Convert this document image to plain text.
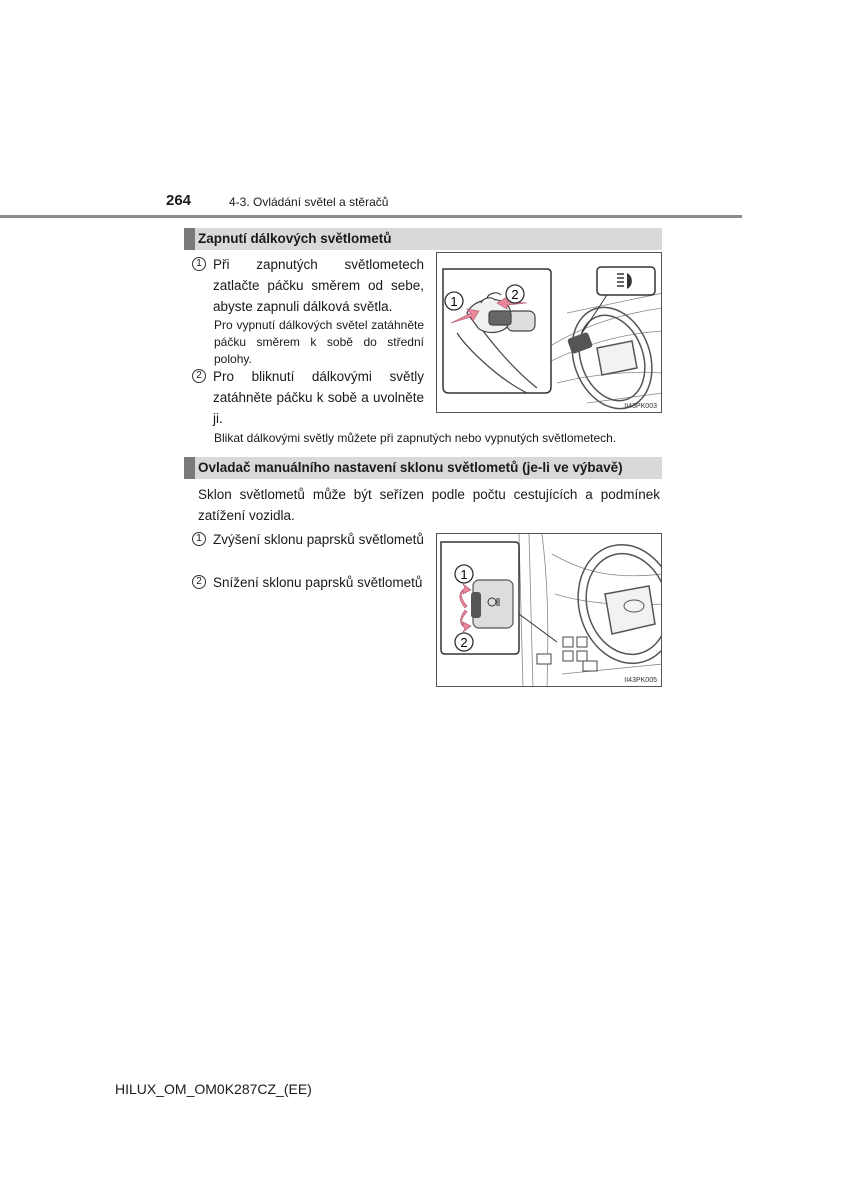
264	4-3. Ovládání světel a stěračů
Zapnutí dálkových světlometů
1 Při zapnutých světlometech zatlačte páčku směrem od sebe, abyste zapnuli dálková světla.
Pro vypnutí dálkových světel zatáhněte páčku směrem k sobě do střední polohy.
2 Pro bliknutí dálkovými světly zatáhněte páčku k sobě a uvolněte ji.
1	2
II43PK003
Blikat dálkovými světly můžete při zapnutých nebo vypnutých světlometech.
Ovladač manuálního nastavení sklonu světlometů (je-li ve výbavě)
Sklon světlometů může být seřízen podle počtu cestujících a podmínek zatížení vozidla.
1 Zvýšení sklonu paprsků světlometů
2 Snížení sklonu paprsků světlometů
1
2
II43PK005
HILUX_OM_OM0K287CZ_(EE)
